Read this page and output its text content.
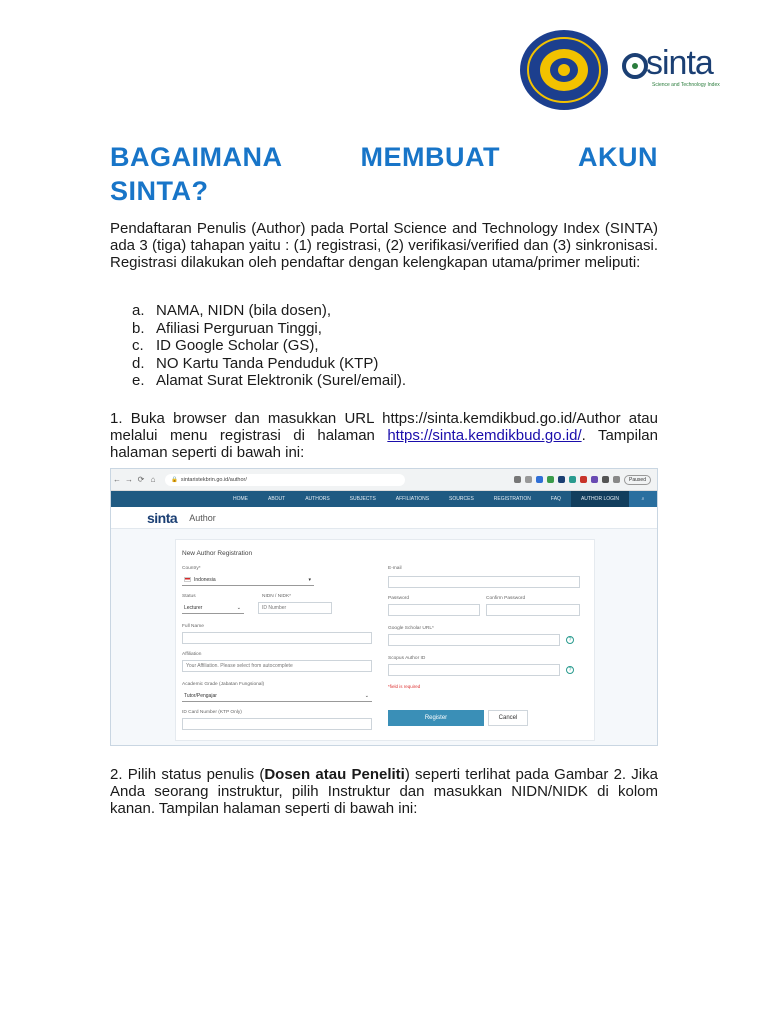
sinta
Science and Technology Index
BAGAIMANA	MEMBUAT	AKUN
SINTA?

Pendaftaran Penulis (Author) pada Portal Science and Technology Index (SINTA) ada 3 (tiga) tahapan yaitu : (1) registrasi, (2) verifikasi/verified dan (3) sinkronisasi. Registrasi dilakukan oleh pendaftar dengan kelengkapan utama/primer meliputi:

a. NAMA, NIDN (bila dosen),
b. Afiliasi Perguruan Tinggi,
c. ID Google Scholar (GS),
d. NO Kartu Tanda Penduduk (KTP)
e. Alamat Surat Elektronik (Surel/email).

1. Buka browser dan masukkan URL https://sinta.kemdikbud.go.id/Author atau melalui menu registrasi di halaman https://sinta.kemdikbud.go.id/. Tampilan halaman seperti di bawah ini:

← → ⟳ ⌂	🔒 sintaristekbrin.go.id/author/	Paused
HOME	ABOUT	AUTHORS	SUBJECTS	AFFILIATIONS	SOURCES	REGISTRATION	FAQ	AUTHOR LOGIN	⌕
sinta Author
New Author Registration
Country*
Indonesia	▾
Status	NIDN / NIDK*
Lecturer	⌄	ID Number
Full Name
Affiliation
Your Affiliation. Please select from autocomplete
Academic Grade (Jabatan Fungsional)
Tutor/Pengajar	⌄
ID Card Number (KTP Only)
E-mail
Password	Confirm Password
Google Scholar URL*
?
Scopus Author ID
?
*field is required
Register	Cancel

2. Pilih status penulis (Dosen atau Peneliti) seperti terlihat pada Gambar 2. Jika Anda seorang instruktur, pilih Instruktur dan masukkan NIDN/NIDK di kolom kanan. Tampilan halaman seperti di bawah ini:
